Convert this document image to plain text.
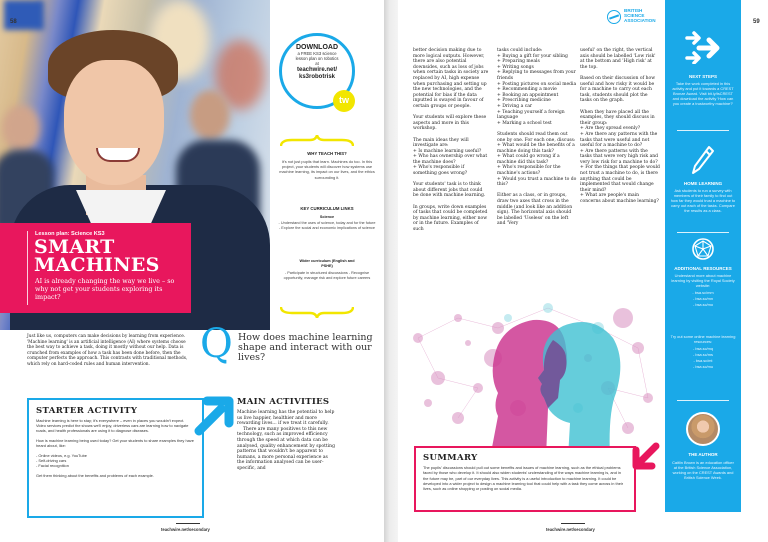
58
Lesson plan: Science KS3
SMART
MACHINES
AI is already changing the way we live – so why not get your students exploring its impact?
DOWNLOAD
a FREE KS3 science lesson plan on robotics at
teachwire.net/
ks3robotrisk
tw
WHY TEACH THIS?
It's not just pupils that learn. Machines do too. In this project, your students will discover how systems use machine learning, its impact on our lives, and the ethics surrounding it.
KEY CURRICULUM LINKS
Science
- Understand the uses of science, today and for the future - Explore the social and economic implications of science
Wider curriculum (English and PSHE)
- Participate in structured discussions - Recognise opportunity, manage risk and explore future careers
Just like us, computers can make decisions by learning from experience. 'Machine learning' is an artificial intelligence (AI) where systems choose the best way to achieve a task, doing it mostly without our help. Data is crunched from examples of how a task has been done before, then the computer perfects the approach. This contrasts with traditional methods, which rely on hard-coded rules and human intervention.	Q How does machine learning shape and interact with our lives?
STARTER ACTIVITY

Machine learning is here to stay; it's everywhere – even in places you wouldn't expect. Video services predict the shows we'll enjoy, driverless cars are learning how to navigate roads, and health professionals are using it to diagnose diseases.

How is machine learning being used today? Get your students to share examples they have heard about, like:

- Online videos, e.g. YouTube
- Self-driving cars
- Facial recognition

Get them thinking about the benefits and problems of each example.

MAIN ACTIVITIES

Machine learning has the potential to help us live happier, healthier and more rewarding lives... if we treat it carefully.

There are many positives to this new technology, such as improved efficiency through the speed at which data can be analysed, quality enhancement by spotting patterns that wouldn't be apparent to humans, a more personal experience as the information analysed can be user-specific, and

teachwire.net/secondary

better decision making due to more logical outputs. However, there are also potential downsides, such as loss of jobs when certain tasks in society are replaced by AI, high expense when purchasing and setting up the new technologies, and the potential for bias if the data inputted is swayed in favour of certain groups or people.

Your students will explore these aspects and more in this workshop.

The main ideas they will investigate are:

+ Is machine learning useful?
+ Who has ownership over what the machine does?
+ Who's responsible if something goes wrong?

Your students' task is to think about different jobs that could be done with machine learning.

In groups, write down examples of tasks that could be completed by machine learning, either now or in the future. Examples of such

tasks could include:
+ Buying a gift for your sibling
+ Preparing meals
+ Writing songs
+ Replying to messages from your friends
+ Posting pictures on social media
+ Recommending a movie
+ Booking an appointment
+ Prescribing medicine
+ Driving a car
+ Teaching yourself a foreign language
+ Marking a school test

Students should read them out one by one. For each one, discuss:

+ What would be the benefits of a machine doing this task?
+ What could go wrong if a machine did this task?
+ Who's responsible for the machine's actions?
+ Would you trust a machine to do this?

Either as a class, or in groups, draw two axes that cross in the middle (and look like an addition sign). The horizontal axis should be labelled 'Useless' on the left and 'Very

useful' on the right, the vertical axis should be labelled 'Low risk' at the bottom and 'High risk' at the top.

Based on their discussion of how useful and how risky it would be for a machine to carry out each task, students should plot the tasks on the graph.

When they have placed all the examples, they should discuss in their group:

+ Are they spread evenly?
+ Are there any patterns with the tasks that were useful and not useful for a machine to do?
+ Are there patterns with the tasks that were very high risk and very low risk for a machine to do?
+ For the things that people would not trust a machine to do, is there anything that could be implemented that would change their mind?
+ What are people's main concerns about machine learning?
BRITISH
SCIENCE
ASSOCIATION
SUMMARY

The pupils' discussions should pull out some benefits and issues of machine learning, such as the ethical problems faced by those who develop it. It should also widen students' understanding of the ways machine learning is, and in the future may be, part of our everyday lives. This activity is a useful introduction to machine learning. It could be developed into a wider project to design a machine learning tool that could help with a task they come across in their lives, such as online shopping or posting on social media.

teachwire.net/secondary
NEXT STEPS
Take the work completed in this activity and put it towards a CREST Bronze Award. Visit bit.ly/tsCREST and download the activity 'How can you create a trustworthy machine?'
HOME LEARNING
Ask students to run a survey with members of their family to find out how far they would trust a machine to carry out each of the tasks. Compare the results as a class.
ADDITIONAL RESOURCES
Understand more about machine learning by visiting the Royal Society website:
- bsa.sc/mm
- bsa.sc/mn
- bsa.sc/mo
Try out some online machine learning resources:
- bsa.sc/mq
- bsa.sc/ms
- bsa.sc/mt
- bsa.sc/mu
THE AUTHOR
Caitlin Brown is an education officer at the British Science Association, working on the CREST Awards and British Science Week.
59
